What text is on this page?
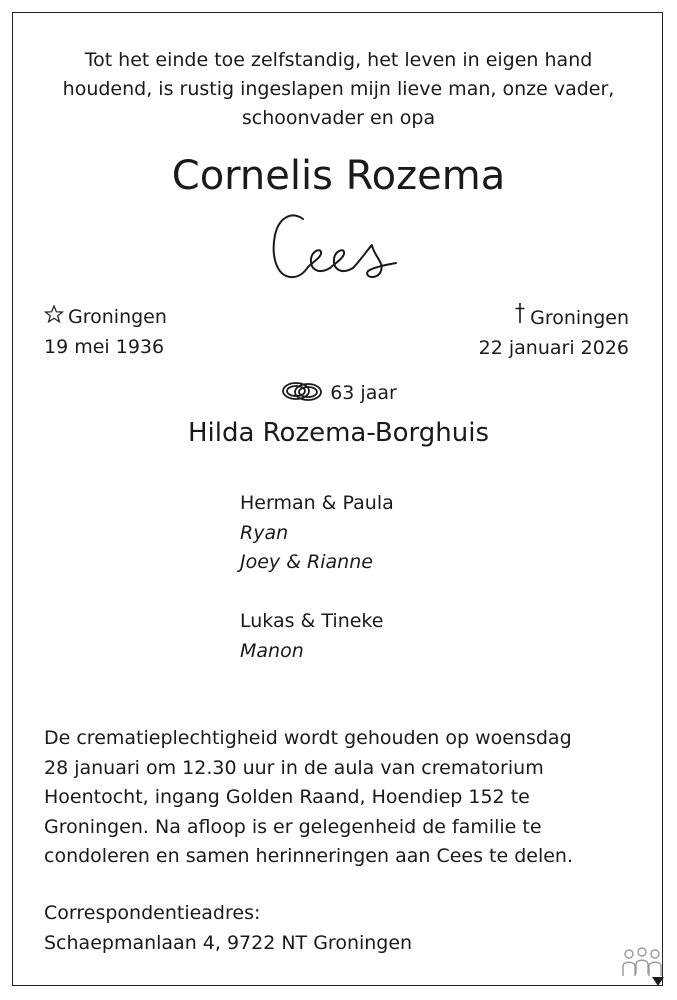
Tot het einde toe zelfstandig, het leven in eigen hand
houdend, is rustig ingeslapen mijn lieve man, onze vader,
schoonvader en opa
Cornelis Rozema
Groningen
19 mei 1936
Groningen
22 januari 2026
63 jaar
Hilda Rozema-Borghuis
Herman & Paula
Ryan
Joey & Rianne
Lukas & Tineke
Manon
De crematieplechtigheid wordt gehouden op woensdag
28 januari om 12.30 uur in de aula van crematorium
Hoentocht, ingang Golden Raand, Hoendiep 152 te
Groningen. Na afloop is er gelegenheid de familie te
condoleren en samen herinneringen aan Cees te delen.
Correspondentieadres:
Schaepmanlaan 4, 9722 NT Groningen
